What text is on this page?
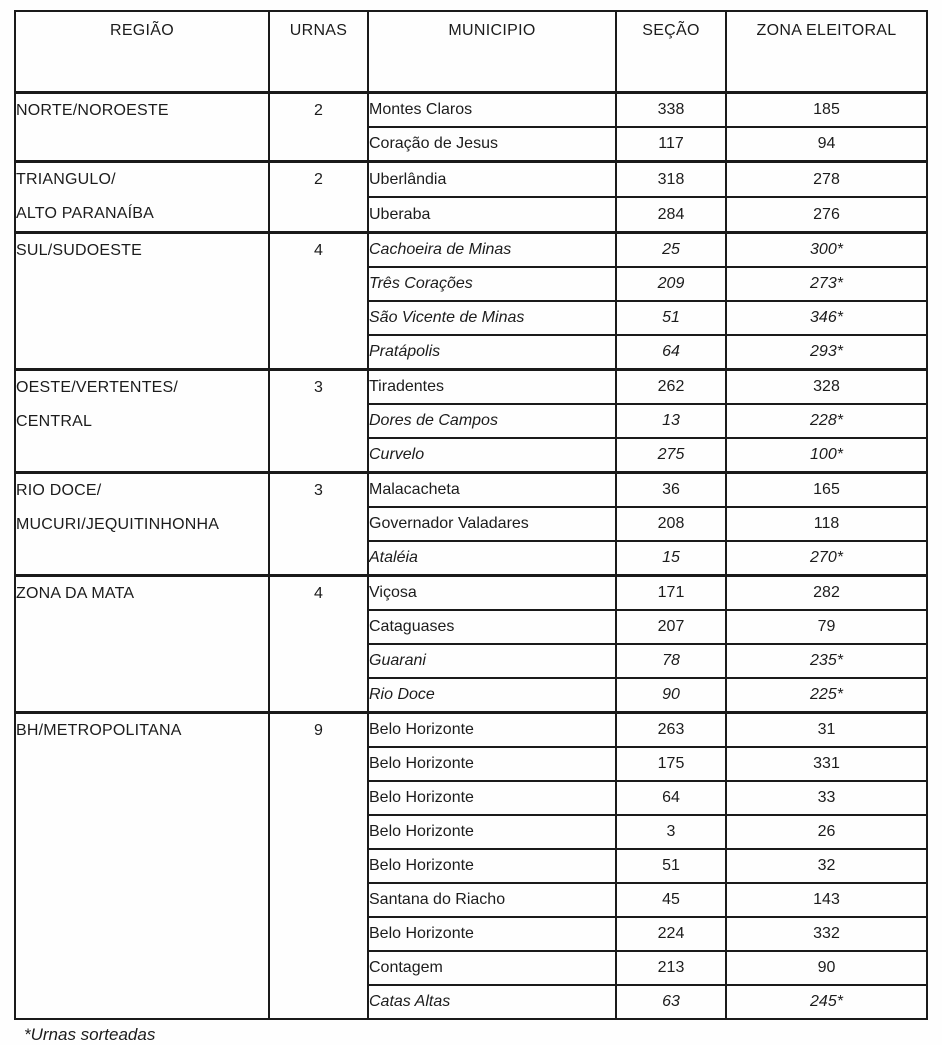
REGIÃO	URNAS	MUNICIPIO	SEÇÃO	ZONA ELEITORAL

NORTE/NOROESTE	2	Montes Claros	338	185
		Coração de Jesus	117	94

TRIANGULO/
ALTO PARANAÍBA	2	Uberlândia	318	278
		Uberaba	284	276

SUL/SUDOESTE	4	Cachoeira de Minas	25	300*
		Três Corações	209	273*
		São Vicente de Minas	51	346*
		Pratápolis	64	293*

OESTE/VERTENTES/
CENTRAL	3	Tiradentes	262	328
		Dores de Campos	13	228*
		Curvelo	275	100*

RIO DOCE/
MUCURI/JEQUITINHONHA	3	Malacacheta	36	165
		Governador Valadares	208	118
		Ataléia	15	270*

ZONA DA MATA	4	Viçosa	171	282
		Cataguases	207	79
		Guarani	78	235*
		Rio Doce	90	225*

BH/METROPOLITANA	9	Belo Horizonte	263	31
		Belo Horizonte	175	331
		Belo Horizonte	64	33
		Belo Horizonte	3	26
		Belo Horizonte	51	32
		Santana do Riacho	45	143
		Belo Horizonte	224	332
		Contagem	213	90
		Catas Altas	63	245*
*Urnas sorteadas
